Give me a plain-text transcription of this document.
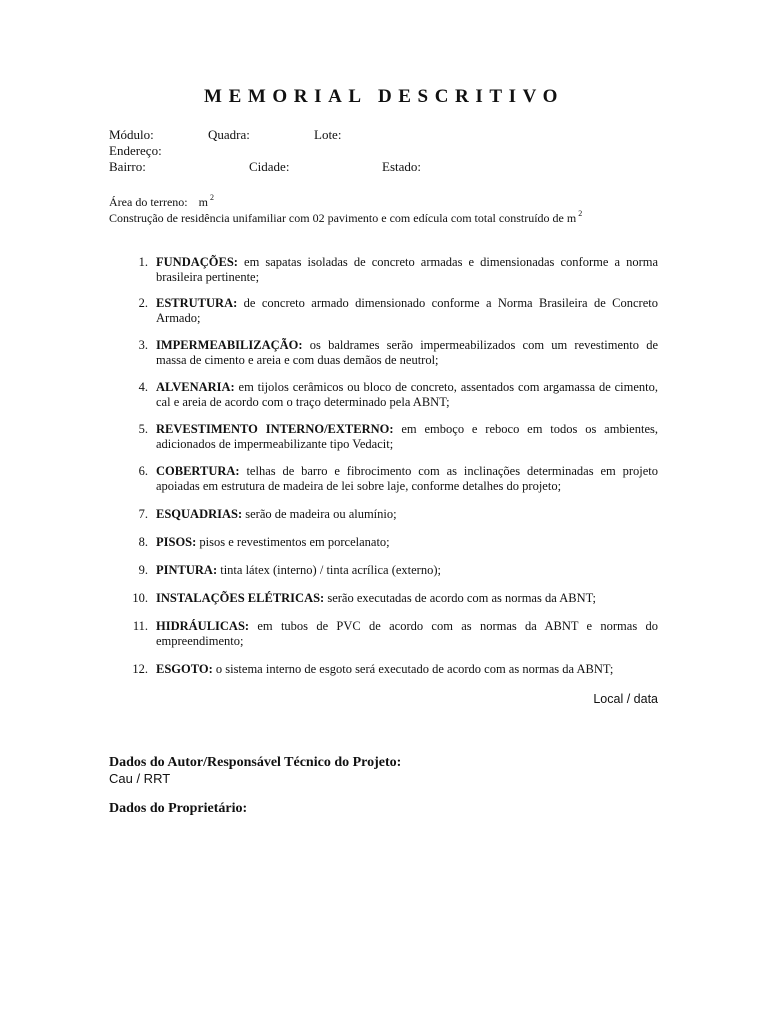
MEMORIAL DESCRITIVO
Módulo:	Quadra:	Lote:
Endereço:
Bairro:	Cidade:	Estado:
Área do terreno: m $^2$
Construção de residência unifamiliar com 02 pavimento e com edícula com total construído de m $^2$
1. FUNDAÇÕES: em sapatas isoladas de concreto armadas e dimensionadas conforme a norma brasileira pertinente;
2. ESTRUTURA: de concreto armado dimensionado conforme a Norma Brasileira de Concreto Armado;
3. IMPERMEABILIZAÇÃO: os baldrames serão impermeabilizados com um revestimento de massa de cimento e areia e com duas demãos de neutrol;
4. ALVENARIA: em tijolos cerâmicos ou bloco de concreto, assentados com argamassa de cimento, cal e areia de acordo com o traço determinado pela ABNT;
5. REVESTIMENTO INTERNO/EXTERNO: em emboço e reboco em todos os ambientes, adicionados de impermeabilizante tipo Vedacit;
6. COBERTURA: telhas de barro e fibrocimento com as inclinações determinadas em projeto apoiadas em estrutura de madeira de lei sobre laje, conforme detalhes do projeto;
7. ESQUADRIAS: serão de madeira ou alumínio;
8. PISOS: pisos e revestimentos em porcelanato;
9. PINTURA: tinta látex (interno) / tinta acrílica (externo);
10. INSTALAÇÕES ELÉTRICAS: serão executadas de acordo com as normas da ABNT;
11. HIDRÁULICAS: em tubos de PVC de acordo com as normas da ABNT e normas do empreendimento;
12. ESGOTO: o sistema interno de esgoto será executado de acordo com as normas da ABNT;
Local / data
Dados do Autor/Responsável Técnico do Projeto:
Cau / RRT
Dados do Proprietário:
